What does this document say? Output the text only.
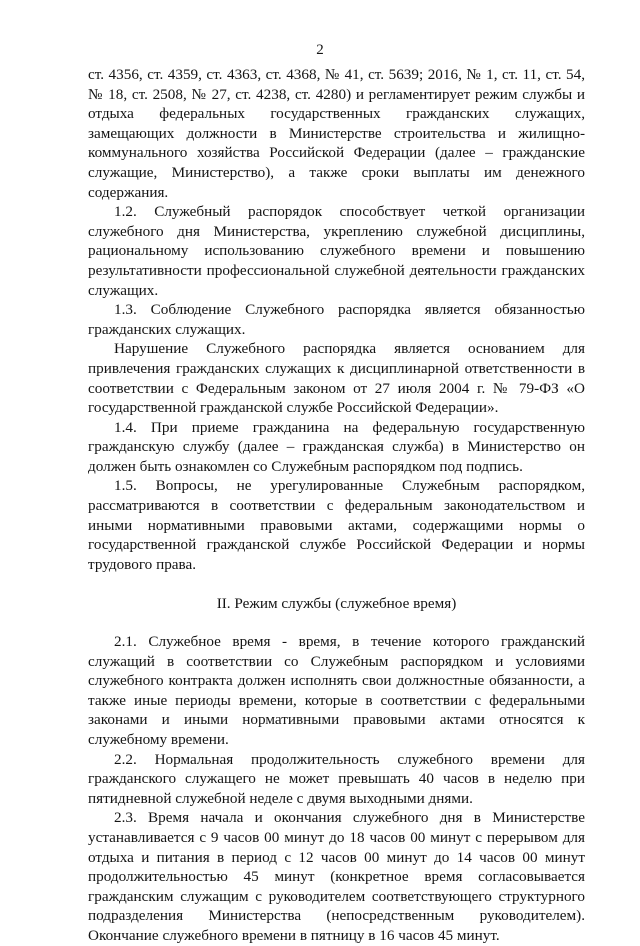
2

ст. 4356, ст. 4359, ст. 4363, ст. 4368, № 41, ст. 5639; 2016, № 1, ст. 11, ст. 54, № 18, ст. 2508, № 27, ст. 4238, ст. 4280) и регламентирует режим службы и отдыха федеральных государственных гражданских служащих, замещающих должности в Министерстве строительства и жилищно-коммунального хозяйства Российской Федерации (далее – гражданские служащие, Министерство), а также сроки выплаты им денежного содержания.

1.2. Служебный распорядок способствует четкой организации служебного дня Министерства, укреплению служебной дисциплины, рациональному использованию служебного времени и повышению результативности профессиональной служебной деятельности гражданских служащих.

1.3. Соблюдение Служебного распорядка является обязанностью гражданских служащих.

Нарушение Служебного распорядка является основанием для привлечения гражданских служащих к дисциплинарной ответственности в соответствии с Федеральным законом от 27 июля 2004 г. № 79-ФЗ «О государственной гражданской службе Российской Федерации».

1.4. При приеме гражданина на федеральную государственную гражданскую службу (далее – гражданская служба) в Министерство он должен быть ознакомлен со Служебным распорядком под подпись.

1.5. Вопросы, не урегулированные Служебным распорядком, рассматриваются в соответствии с федеральным законодательством и иными нормативными правовыми актами, содержащими нормы о государственной гражданской службе Российской Федерации и нормы трудового права.

II. Режим службы (служебное время)

2.1. Служебное время - время, в течение которого гражданский служащий в соответствии со Служебным распорядком и условиями служебного контракта должен исполнять свои должностные обязанности, а также иные периоды времени, которые в соответствии с федеральными законами и иными нормативными правовыми актами относятся к служебному времени.

2.2. Нормальная продолжительность служебного времени для гражданского служащего не может превышать 40 часов в неделю при пятидневной служебной неделе с двумя выходными днями.

2.3. Время начала и окончания служебного дня в Министерстве устанавливается с 9 часов 00 минут до 18 часов 00 минут с перерывом для отдыха и питания в период с 12 часов 00 минут до 14 часов 00 минут продолжительностью 45 минут (конкретное время согласовывается гражданским служащим с руководителем соответствующего структурного подразделения Министерства (непосредственным руководителем). Окончание служебного времени в пятницу в 16 часов 45 минут.
